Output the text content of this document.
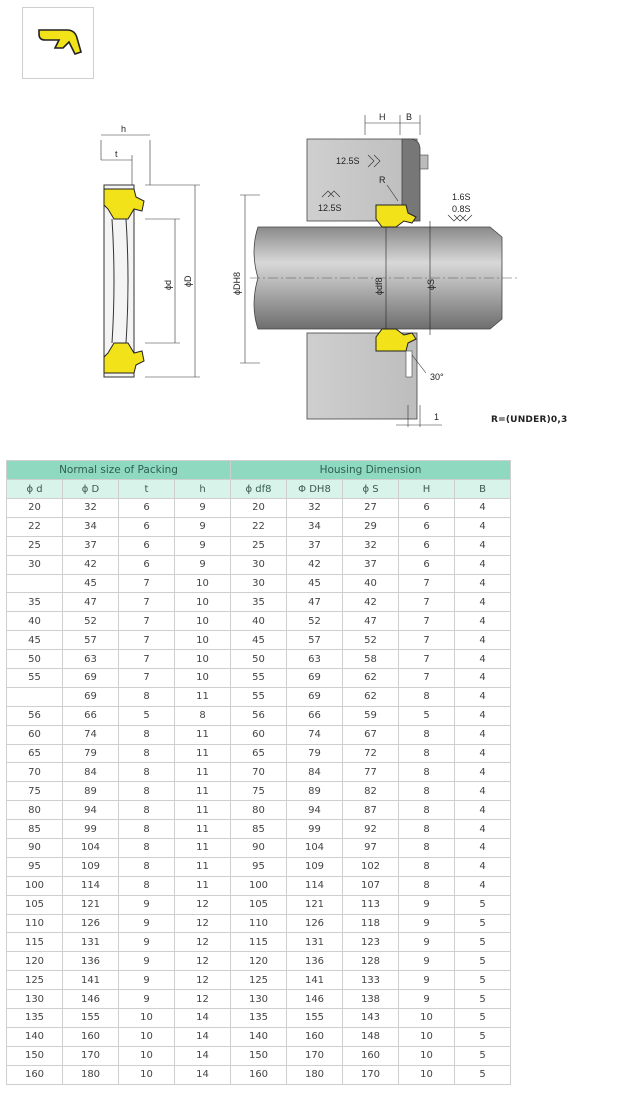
h
t
ϕd ϕD
H B
12.5S
R
12.5S
1.6S
0.8S
ϕDH8	ϕdf8	ϕS
30°
1	R=(UNDER)0,3
Normal size of Packing				Housing Dimension				
ϕ d	ϕ D	t	h	ϕ df8	Φ DH8	ϕ S	H	B
20	32	6	9	20	32	27	6	4
22	34	6	9	22	34	29	6	4
25	37	6	9	25	37	32	6	4
30	42	6	9	30	42	37	6	4
	45	7	10	30	45	40	7	4
35	47	7	10	35	47	42	7	4
40	52	7	10	40	52	47	7	4
45	57	7	10	45	57	52	7	4
50	63	7	10	50	63	58	7	4
55	69	7	10	55	69	62	7	4
	69	8	11	55	69	62	8	4
56	66	5	8	56	66	59	5	4
60	74	8	11	60	74	67	8	4
65	79	8	11	65	79	72	8	4
70	84	8	11	70	84	77	8	4
75	89	8	11	75	89	82	8	4
80	94	8	11	80	94	87	8	4
85	99	8	11	85	99	92	8	4
90	104	8	11	90	104	97	8	4
95	109	8	11	95	109	102	8	4
100	114	8	11	100	114	107	8	4
105	121	9	12	105	121	113	9	5
110	126	9	12	110	126	118	9	5
115	131	9	12	115	131	123	9	5
120	136	9	12	120	136	128	9	5
125	141	9	12	125	141	133	9	5
130	146	9	12	130	146	138	9	5
135	155	10	14	135	155	143	10	5
140	160	10	14	140	160	148	10	5
150	170	10	14	150	170	160	10	5
160	180	10	14	160	180	170	10	5
